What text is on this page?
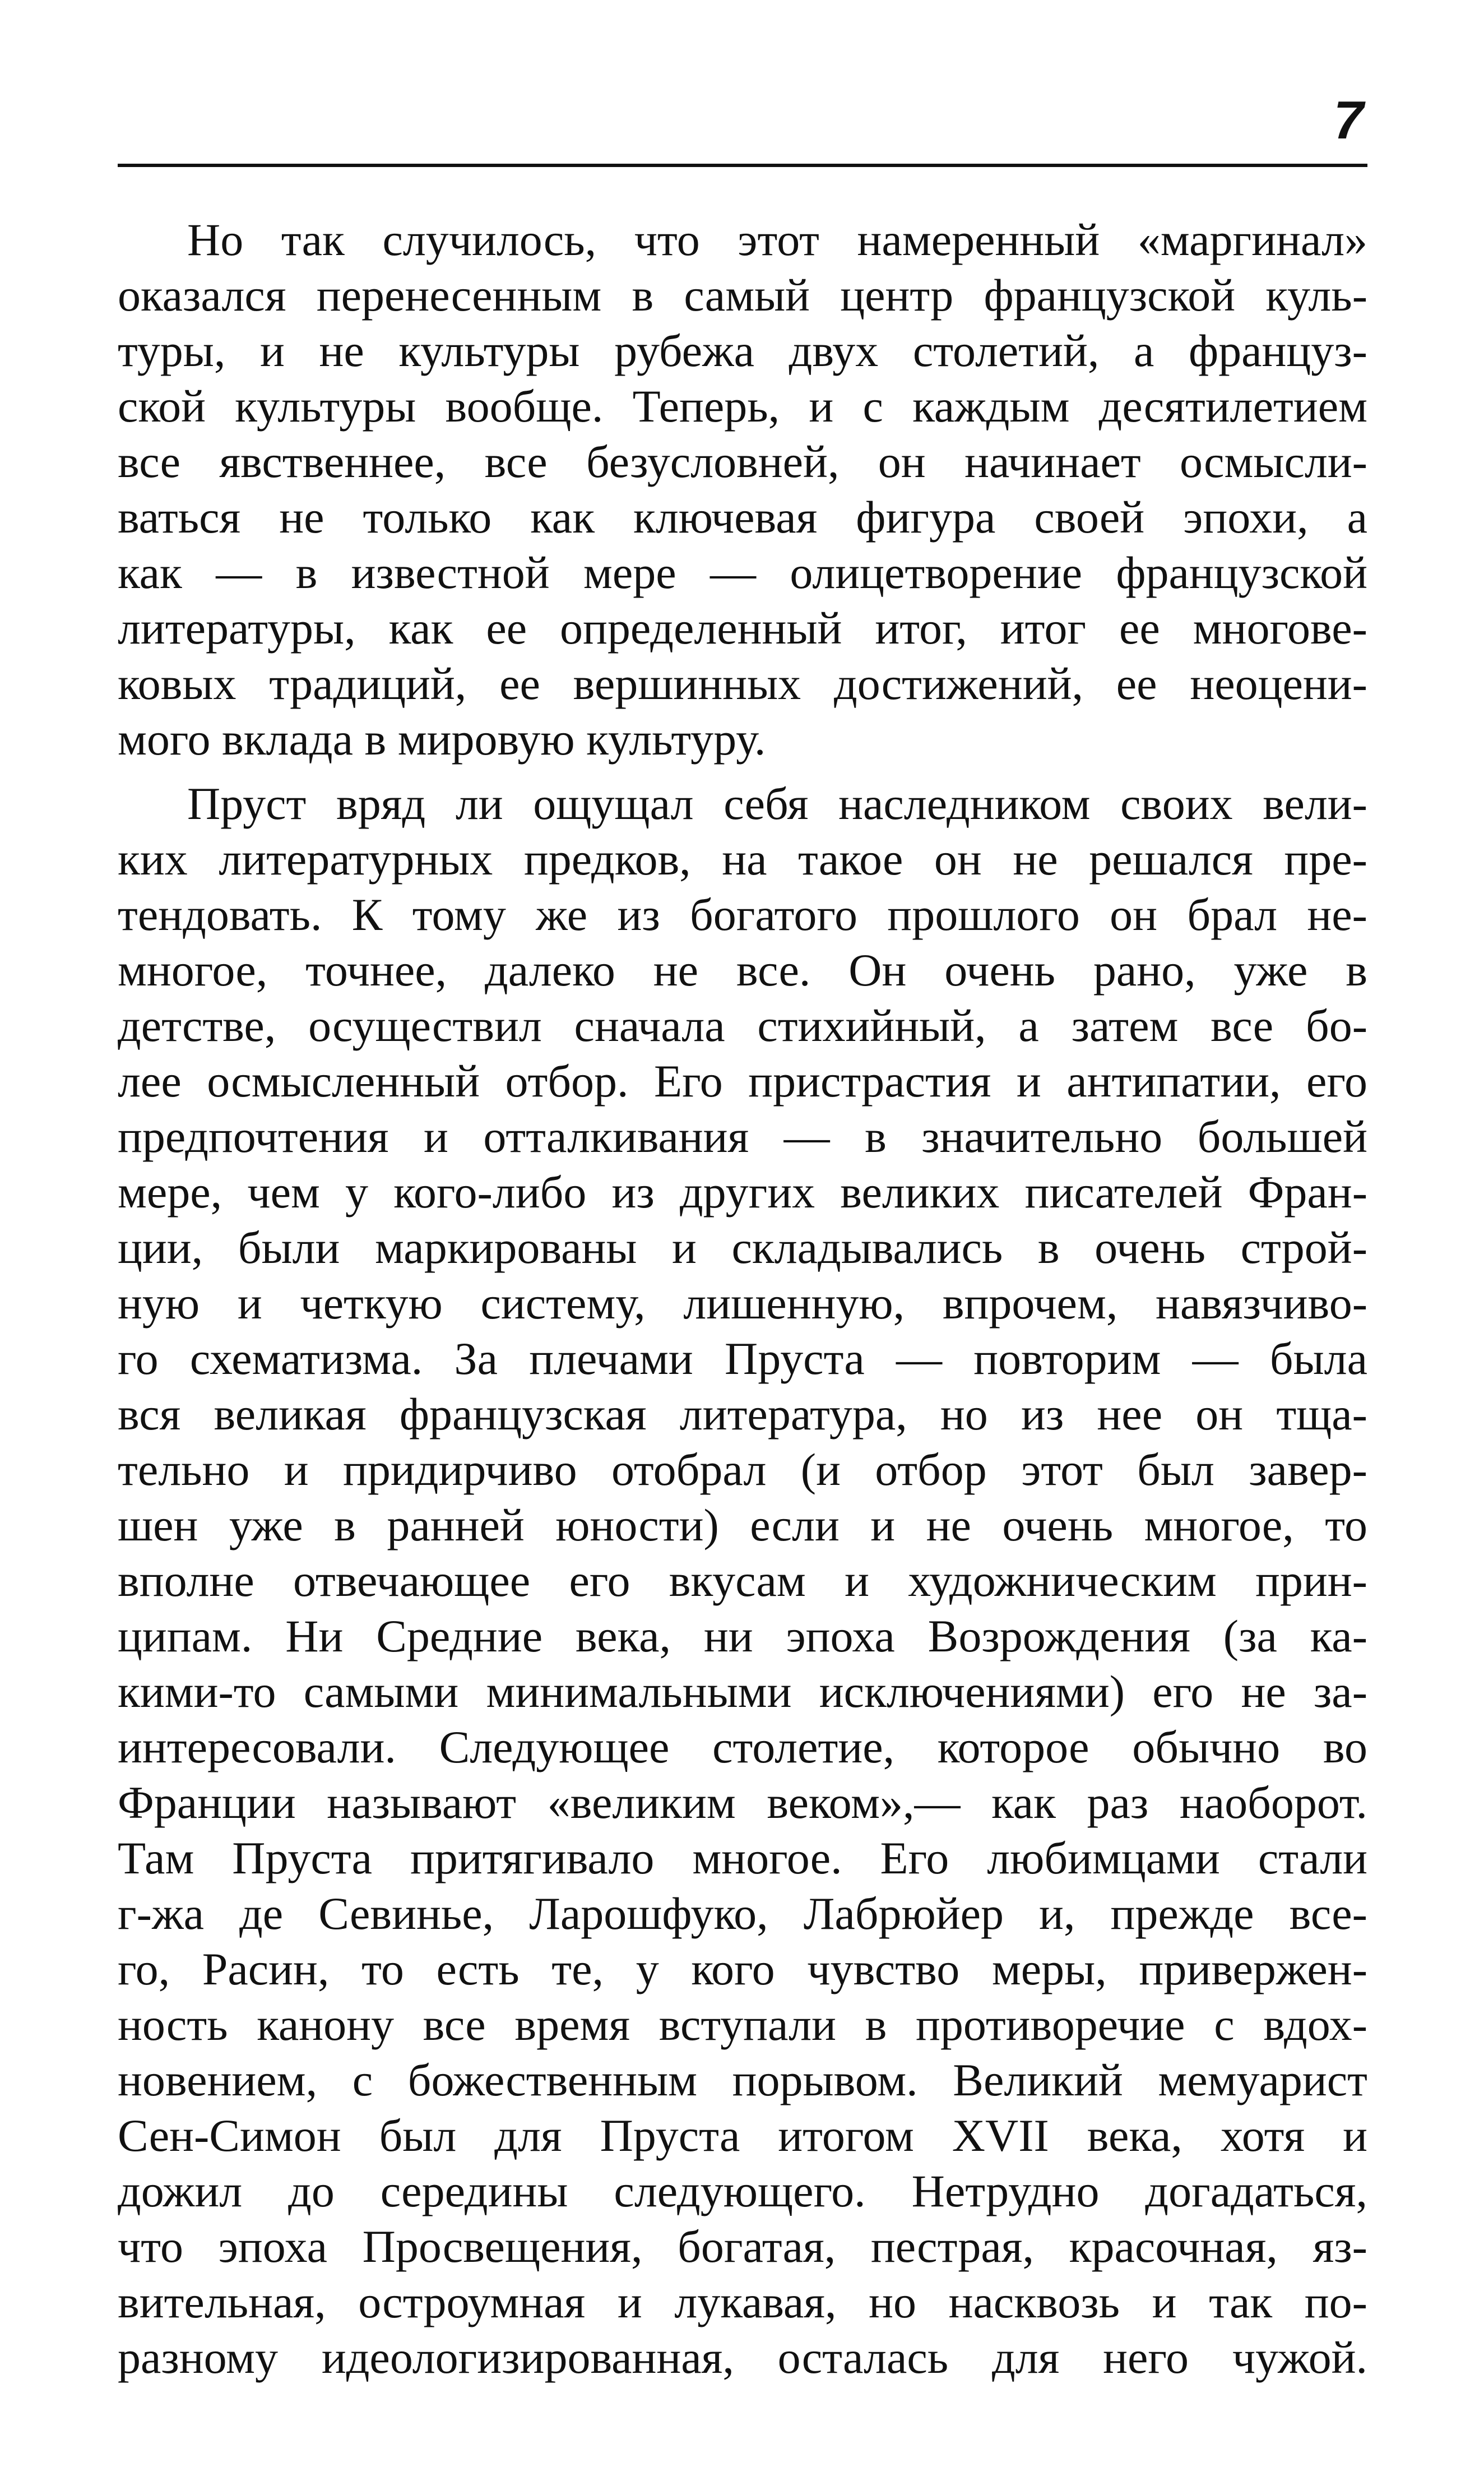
7
Но так случилось, что этот намеренный «маргинал»
оказался перенесенным в самый центр французской куль-
туры, и не культуры рубежа двух столетий, а француз-
ской культуры вообще. Теперь, и с каждым десятилетием
все явственнее, все безусловней, он начинает осмысли-
ваться не только как ключевая фигура своей эпохи, а
как — в известной мере — олицетворение французской
литературы, как ее определенный итог, итог ее многове-
ковых традиций, ее вершинных достижений, ее неоцени-
мого вклада в мировую культуру.
Пруст вряд ли ощущал себя наследником своих вели-
ких литературных предков, на такое он не решался пре-
тендовать. К тому же из богатого прошлого он брал не-
многое, точнее, далеко не все. Он очень рано, уже в
детстве, осуществил сначала стихийный, а затем все бо-
лее осмысленный отбор. Его пристрастия и антипатии, его
предпочтения и отталкивания — в значительно большей
мере, чем у кого-либо из других великих писателей Фран-
ции, были маркированы и складывались в очень строй-
ную и четкую систему, лишенную, впрочем, навязчиво-
го схематизма. За плечами Пруста — повторим — была
вся великая французская литература, но из нее он тща-
тельно и придирчиво отобрал (и отбор этот был завер-
шен уже в ранней юности) если и не очень многое, то
вполне отвечающее его вкусам и художническим прин-
ципам. Ни Средние века, ни эпоха Возрождения (за ка-
кими-то самыми минимальными исключениями) его не за-
интересовали. Следующее столетие, которое обычно во
Франции называют «великим веком»,— как раз наоборот.
Там Пруста притягивало многое. Его любимцами стали
г-жа де Севинье, Ларошфуко, Лабрюйер и, прежде все-
го, Расин, то есть те, у кого чувство меры, привержен-
ность канону все время вступали в противоречие с вдох-
новением, с божественным порывом. Великий мемуарист
Сен-Симон был для Пруста итогом XVII века, хотя и
дожил до середины следующего. Нетрудно догадаться,
что эпоха Просвещения, богатая, пестрая, красочная, яз-
вительная, остроумная и лукавая, но насквозь и так по-
разному идеологизированная, осталась для него чужой.
